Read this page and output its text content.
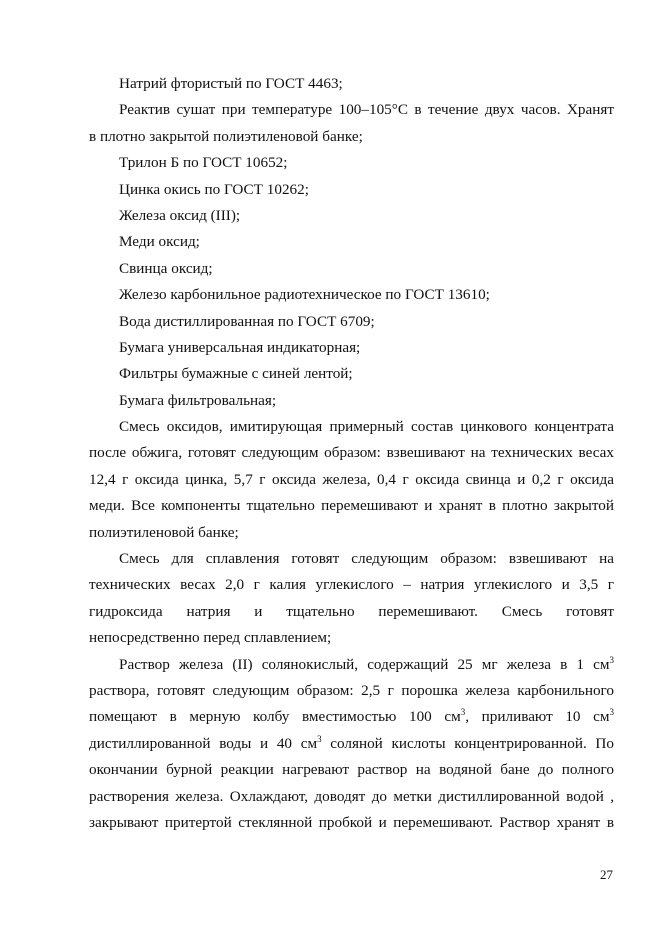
Натрий фтористый по ГОСТ 4463;
Реактив сушат при температуре 100–105°С в течение двух часов. Хранят
в плотно закрытой полиэтиленовой банке;
Трилон Б по ГОСТ 10652;
Цинка окись по ГОСТ 10262;
Железа оксид (III);
Меди оксид;
Свинца оксид;
Железо карбонильное радиотехническое по ГОСТ 13610;
Вода дистиллированная по ГОСТ 6709;
Бумага универсальная индикаторная;
Фильтры бумажные с синей лентой;
Бумага фильтровальная;
Смесь оксидов, имитирующая примерный состав цинкового концентрата
после обжига, готовят следующим образом: взвешивают на технических весах
12,4 г оксида цинка, 5,7 г оксида железа, 0,4 г оксида свинца и 0,2 г оксида
меди. Все компоненты тщательно перемешивают и хранят в плотно закрытой
полиэтиленовой банке;
Смесь для сплавления готовят следующим образом: взвешивают на
технических весах 2,0 г калия углекислого – натрия углекислого и 3,5 г
гидроксида натрия и тщательно перемешивают. Смесь готовят
непосредственно перед сплавлением;
Раствор железа (II) солянокислый, содержащий 25 мг железа в 1 $см^3$
раствора, готовят следующим образом: 2,5 г порошка железа карбонильного
помещают в мерную колбу вместимостью 100 $см^3$, приливают 10 $см^3$
дистиллированной воды и 40 $см^3$ соляной кислоты концентрированной. По
окончании бурной реакции нагревают раствор на водяной бане до полного
растворения железа. Охлаждают, доводят до метки дистиллированной водой ,
закрывают притертой стеклянной пробкой и перемешивают. Раствор хранят в
27
